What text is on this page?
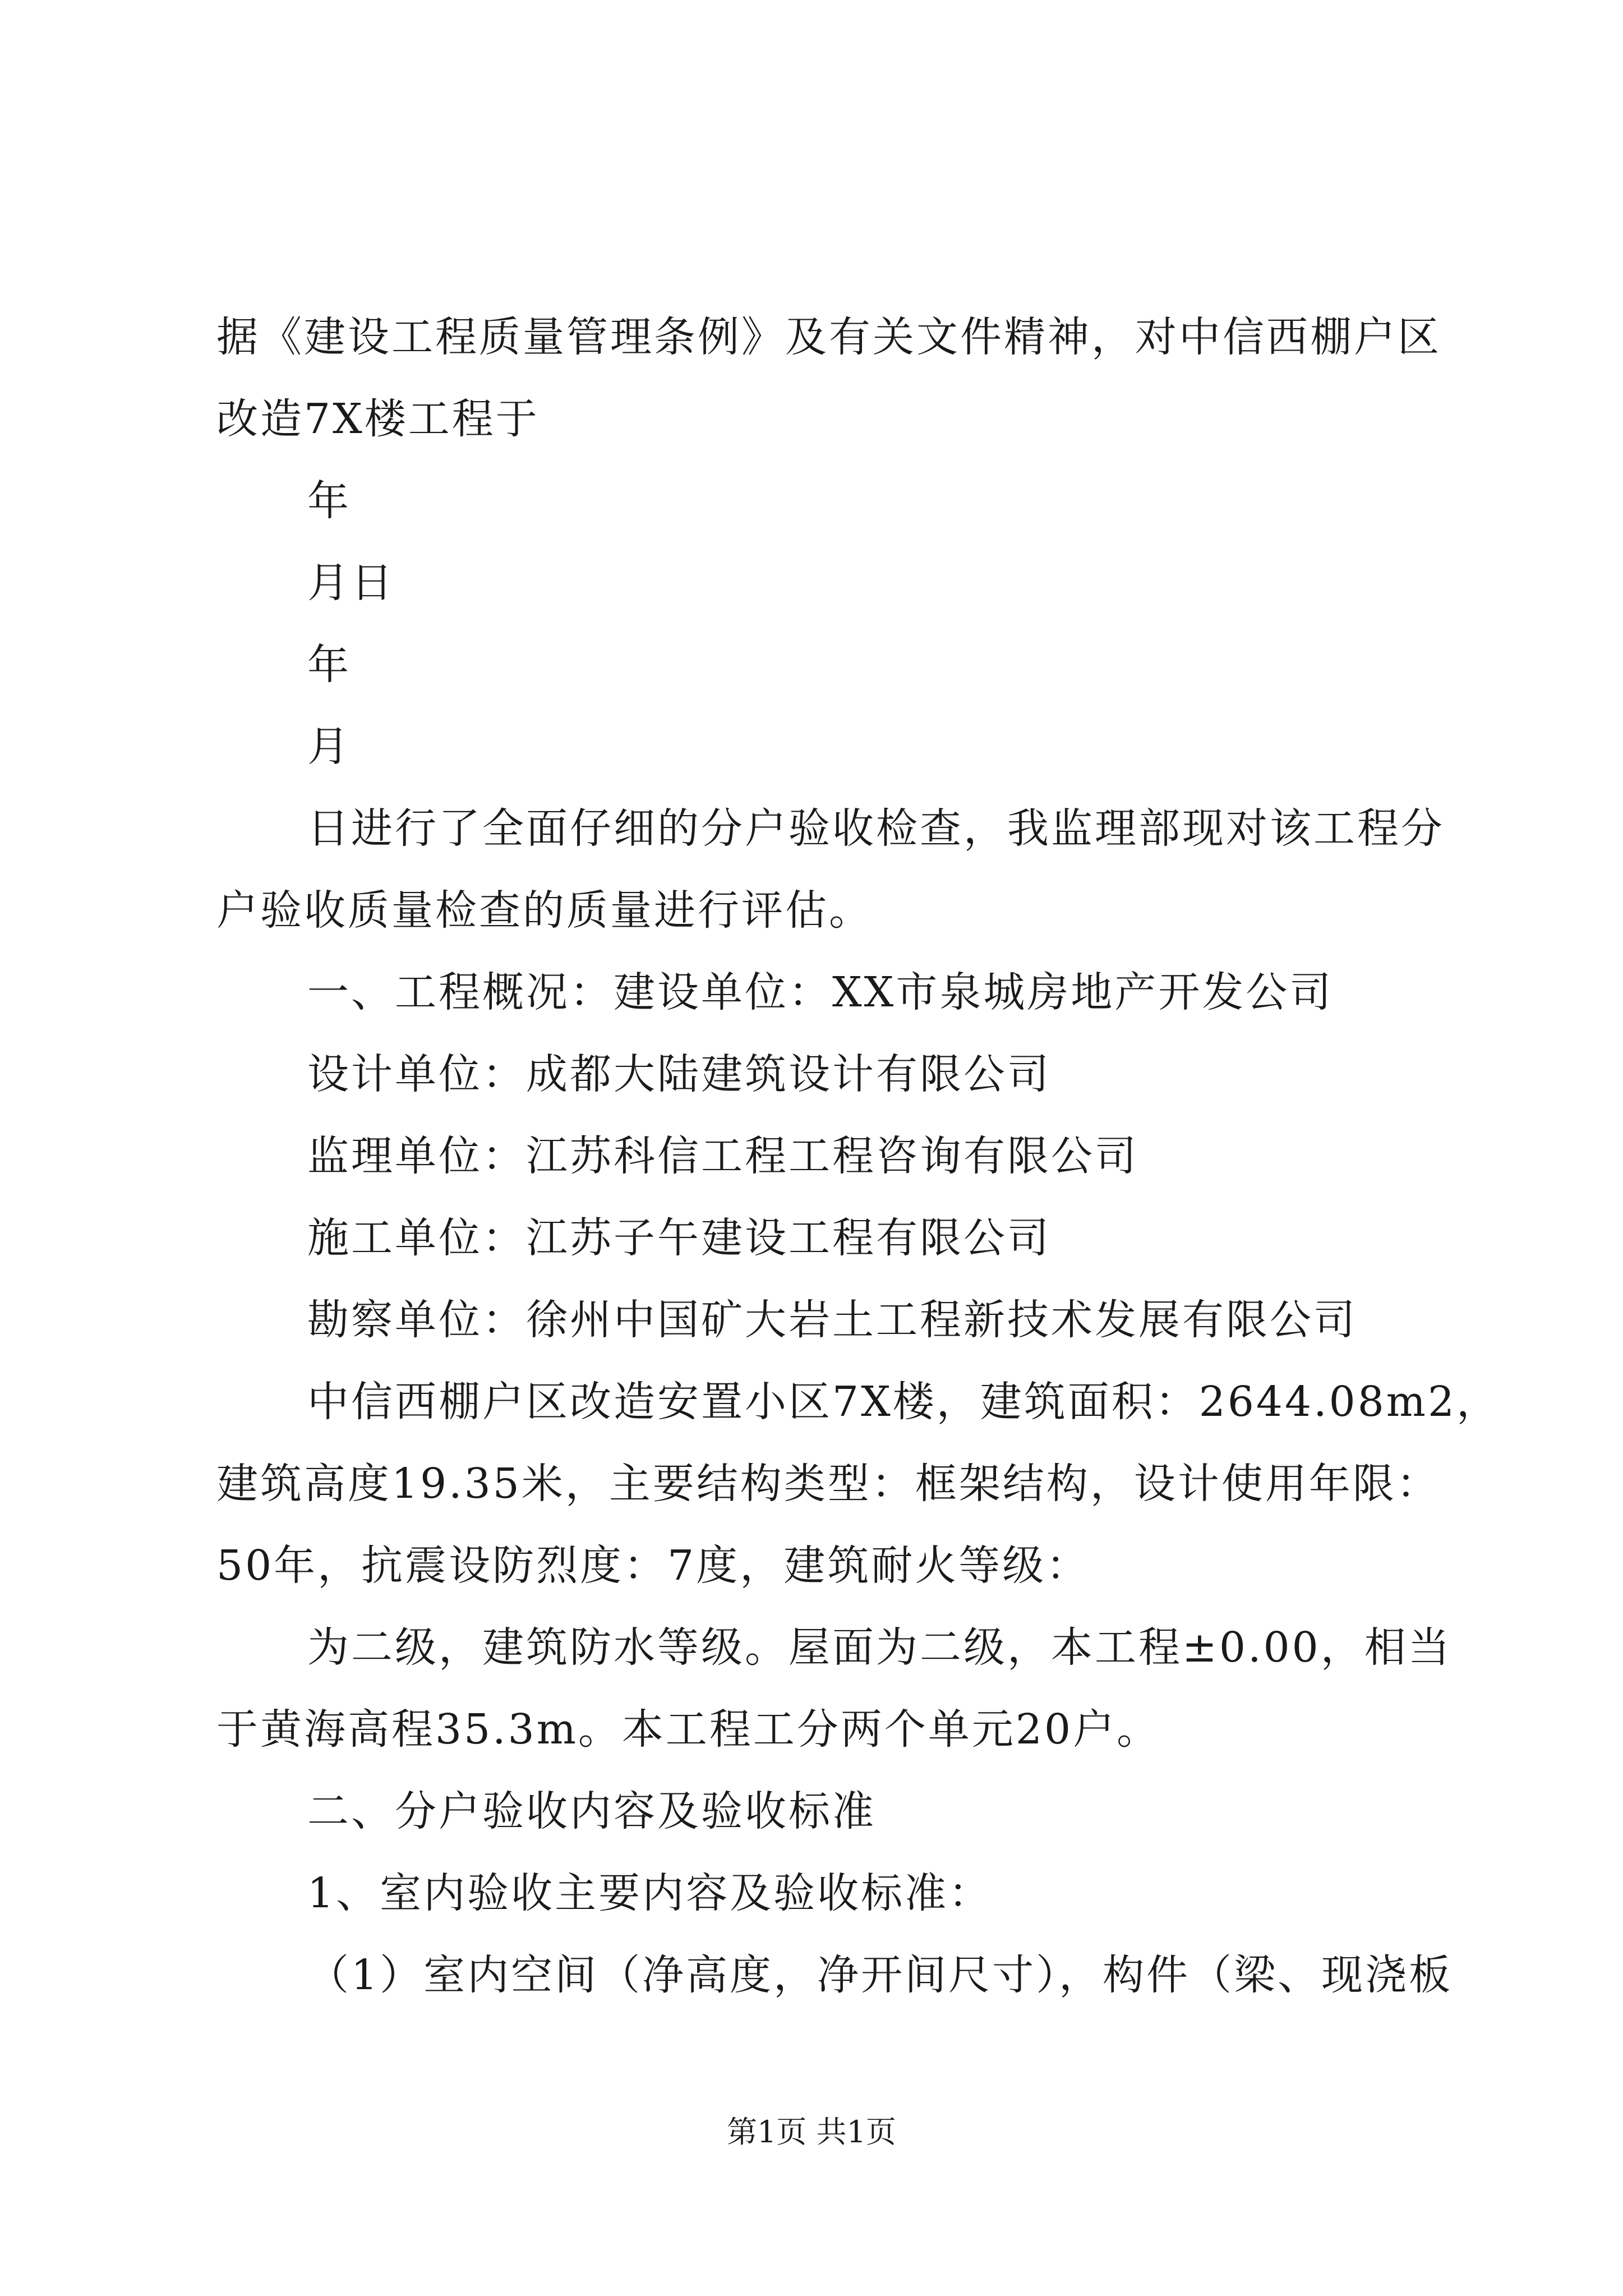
据《建设工程质量管理条例》及有关文件精神，对中信西棚户区
改造7X楼工程于
年
月日
年
月
日进行了全面仔细的分户验收检查，我监理部现对该工程分
户验收质量检查的质量进行评估。
一、工程概况：建设单位：XX市泉城房地产开发公司
设计单位：成都大陆建筑设计有限公司
监理单位：江苏科信工程工程咨询有限公司
施工单位：江苏子午建设工程有限公司
勘察单位：徐州中国矿大岩土工程新技术发展有限公司
中信西棚户区改造安置小区7X楼，建筑面积：2644.08m2，
建筑高度19.35米，主要结构类型：框架结构，设计使用年限：
50年，抗震设防烈度：7度，建筑耐火等级：
为二级，建筑防水等级。屋面为二级，本工程±0.00，相当
于黄海高程35.3m。本工程工分两个单元20户。
二、分户验收内容及验收标准
1、室内验收主要内容及验收标准：
（1）室内空间（净高度，净开间尺寸），构件（梁、现浇板
第1页 共1页
